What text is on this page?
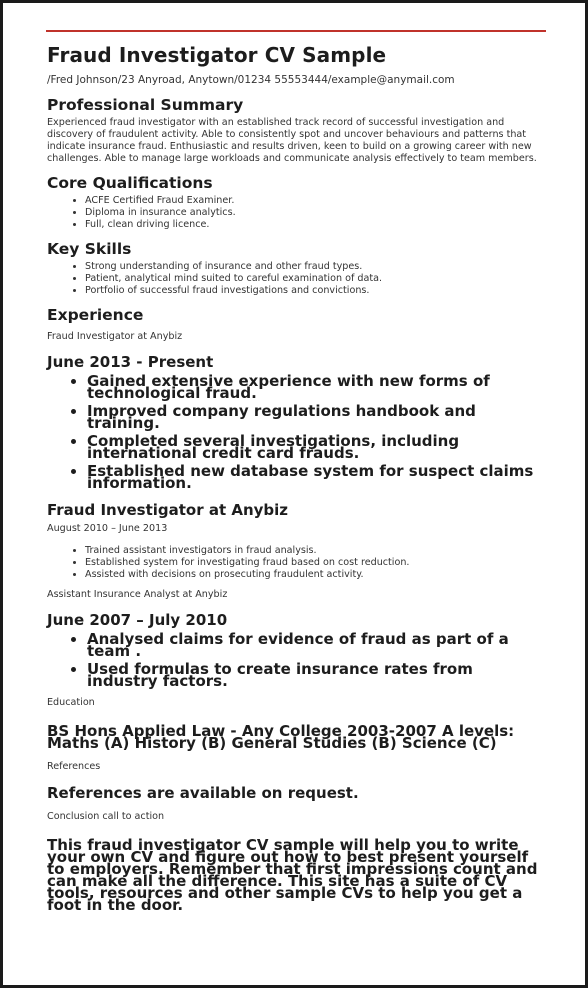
Fraud Investigator CV Sample
/Fred Johnson/23 Anyroad, Anytown/01234 55553444/example@anymail.com
Professional Summary

Experienced fraud investigator with an established track record of successful investigation and discovery of fraudulent activity. Able to consistently spot and uncover behaviours and patterns that indicate insurance fraud. Enthusiastic and results driven, keen to build on a growing career with new challenges. Able to manage large workloads and communicate analysis effectively to team members.

Core Qualifications
• ACFE Certified Fraud Examiner.
• Diploma in insurance analytics.
• Full, clean driving licence.
Key Skills
• Strong understanding of insurance and other fraud types.
• Patient, analytical mind suited to careful examination of data.
• Portfolio of successful fraud investigations and convictions.
Experience
Fraud Investigator at Anybiz
June 2013 - Present
• Gained extensive experience with new forms of technological fraud.
• Improved company regulations handbook and training.
• Completed several investigations, including international credit card frauds.
• Established new database system for suspect claims information.
Fraud Investigator at Anybiz
August 2010 – June 2013
• Trained assistant investigators in fraud analysis.
• Established system for investigating fraud based on cost reduction.
• Assisted with decisions on prosecuting fraudulent activity.
Assistant Insurance Analyst at Anybiz
June 2007 – July 2010
• Analysed claims for evidence of fraud as part of a team .
• Used formulas to create insurance rates from industry factors.
Education

BS Hons Applied Law - Any College 2003-2007 A levels: Maths (A) History (B) General Studies (B) Science (C)

References

References are available on request.

Conclusion call to action

This fraud investigator CV sample will help you to write your own CV and figure out how to best present yourself to employers. Remember that first impressions count and can make all the difference. This site has a suite of CV tools, resources and other sample CVs to help you get a foot in the door.
